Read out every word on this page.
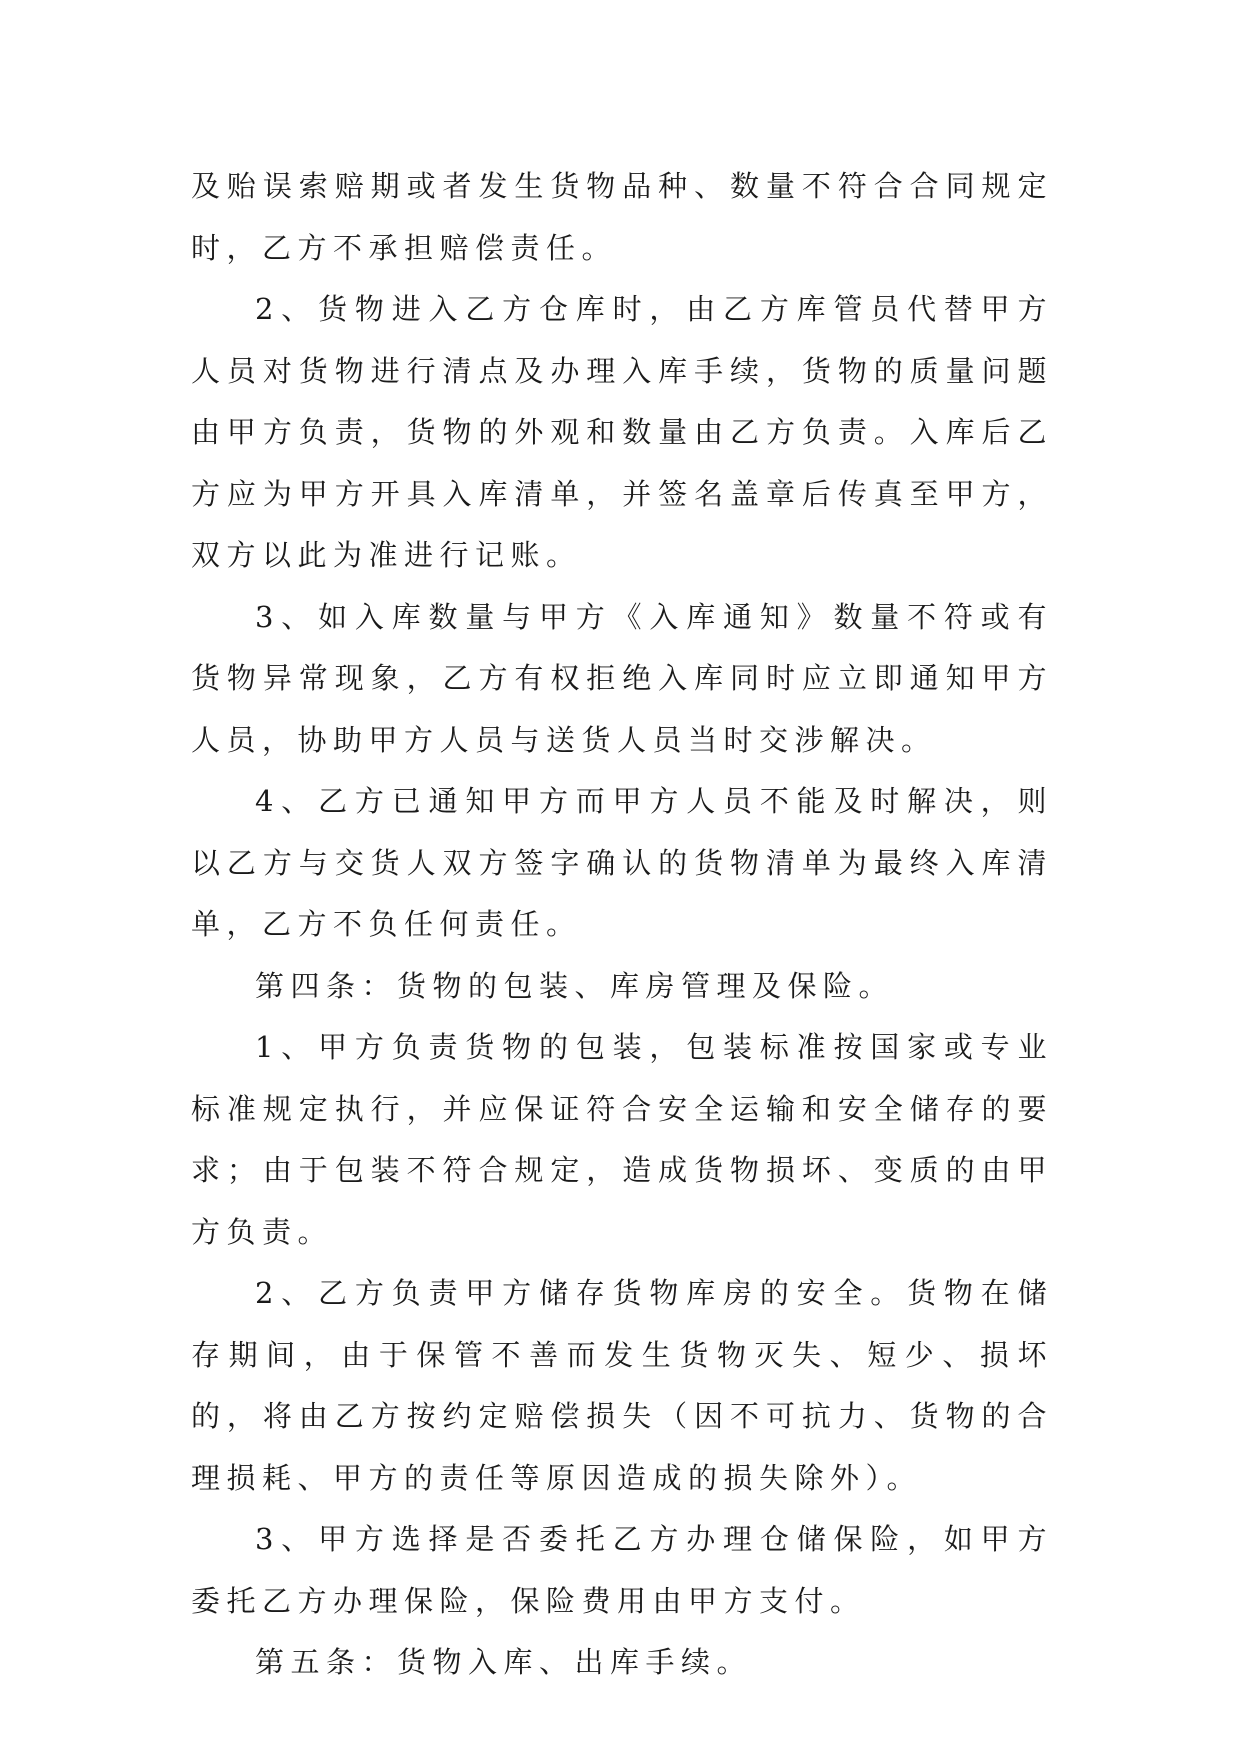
及贻误索赔期或者发生货物品种、数量不符合合同规定时，乙方不承担赔偿责任。

2、货物进入乙方仓库时，由乙方库管员代替甲方人员对货物进行清点及办理入库手续，货物的质量问题由甲方负责，货物的外观和数量由乙方负责。入库后乙方应为甲方开具入库清单，并签名盖章后传真至甲方，双方以此为准进行记账。

3、如入库数量与甲方《入库通知》数量不符或有货物异常现象，乙方有权拒绝入库同时应立即通知甲方人员，协助甲方人员与送货人员当时交涉解决。

4、乙方已通知甲方而甲方人员不能及时解决，则以乙方与交货人双方签字确认的货物清单为最终入库清单，乙方不负任何责任。

第四条：货物的包装、库房管理及保险。

1、甲方负责货物的包装，包装标准按国家或专业标准规定执行，并应保证符合安全运输和安全储存的要求；由于包装不符合规定，造成货物损坏、变质的由甲方负责。

2、乙方负责甲方储存货物库房的安全。货物在储存期间，由于保管不善而发生货物灭失、短少、损坏的，将由乙方按约定赔偿损失（因不可抗力、货物的合理损耗、甲方的责任等原因造成的损失除外）。

3、甲方选择是否委托乙方办理仓储保险，如甲方委托乙方办理保险，保险费用由甲方支付。

第五条：货物入库、出库手续。
